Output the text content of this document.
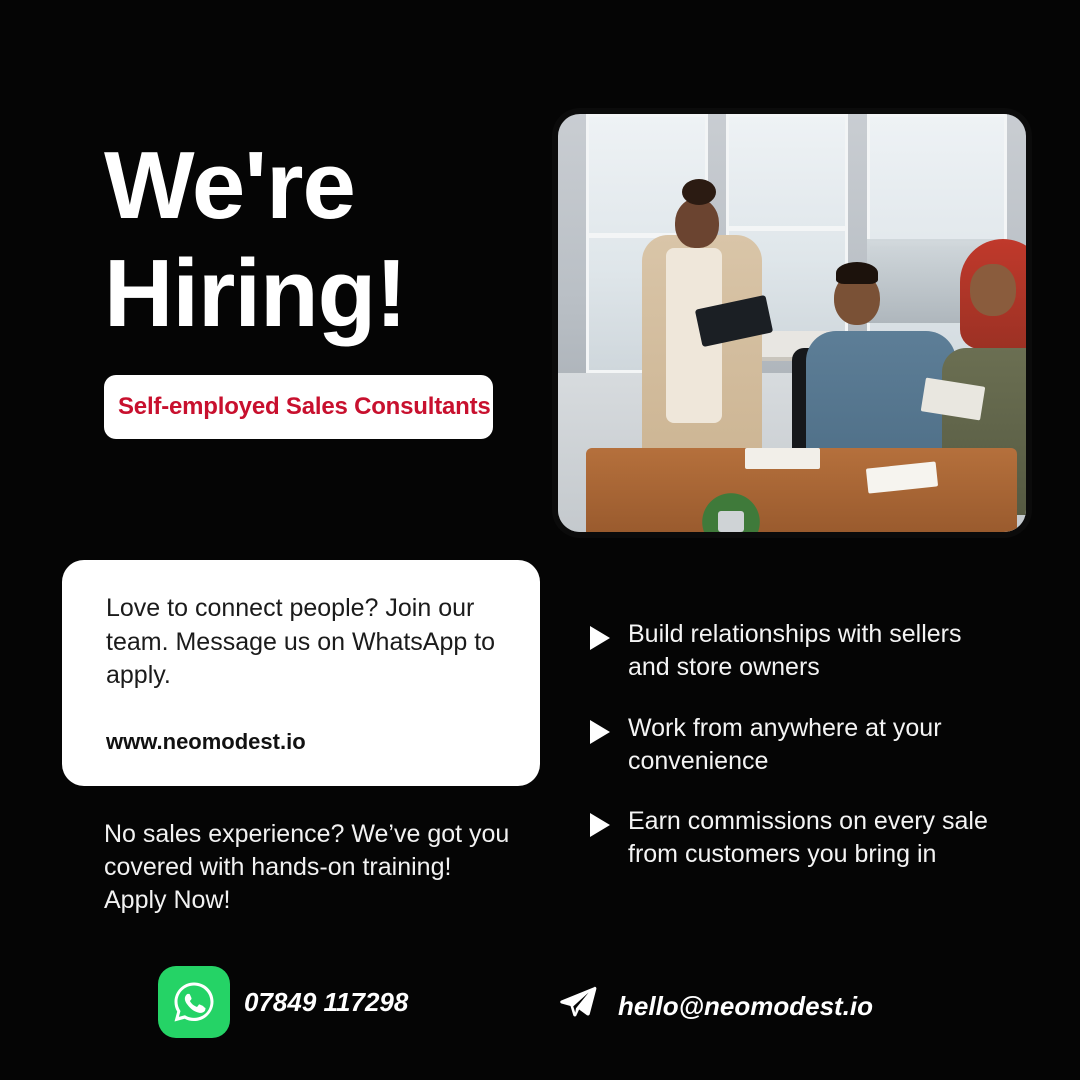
We're
Hiring!
Self-employed Sales Consultants
Love to connect people? Join our team. Message us on WhatsApp to apply.
www.neomodest.io
No sales experience? We’ve got you covered with hands-on training!
Apply Now!
Build relationships with sellers and store owners
Work from anywhere at your convenience
Earn commissions on every sale from customers you bring in
07849 117298	hello@neomodest.io
